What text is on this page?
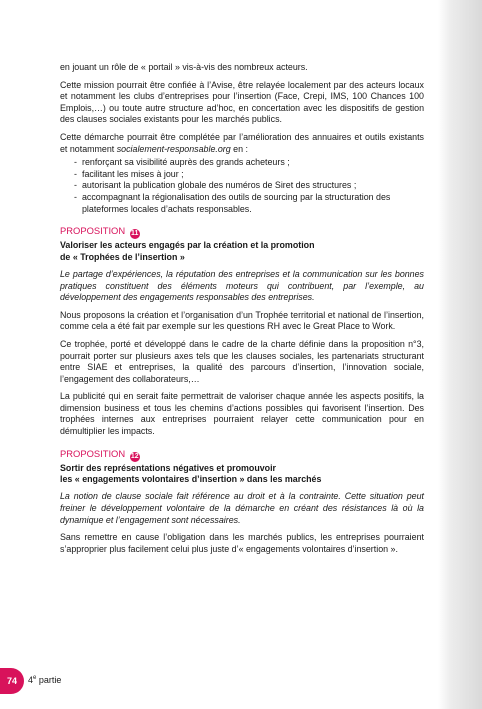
en jouant un rôle de « portail » vis-à-vis des nombreux acteurs.

Cette mission pourrait être confiée à l’Avise, être relayée localement par des acteurs locaux et notamment les clubs d’entreprises pour l’insertion (Face, Crepi, IMS, 100 Chances 100 Emplois,…) ou toute autre structure ad’hoc, en concertation avec les dispositifs de gestion des clauses sociales existants pour les marchés publics.

Cette démarche pourrait être complétée par l’amélioration des annuaires et outils existants et notamment socialement-responsable.org en :

- renforçant sa visibilité auprès des grands acheteurs ;
- facilitant les mises à jour ;
- autorisant la publication globale des numéros de Siret des structures ;
- accompagnant la régionalisation des outils de sourcing par la structuration des plateformes locales d’achats responsables.
PROPOSITION 11
Valoriser les acteurs engagés par la création et la promotion
de « Trophées de l’insertion »

Le partage d’expériences, la réputation des entreprises et la communication sur les bonnes pratiques constituent des éléments moteurs qui contribuent, par l’exemple, au développement des engagements responsables des entreprises.

Nous proposons la création et l’organisation d’un Trophée territorial et national de l’insertion, comme cela a été fait par exemple sur les questions RH avec le Great Place to Work.

Ce trophée, porté et développé dans le cadre de la charte définie dans la proposition n°3, pourrait porter sur plusieurs axes tels que les clauses sociales, les partenariats structurant entre SIAE et entreprises, la qualité des parcours d’insertion, l’innovation sociale, l’engagement des collaborateurs,…

La publicité qui en serait faite permettrait de valoriser chaque année les aspects positifs, la dimension business et tous les chemins d’actions possibles qui favorisent l’insertion. Des trophées internes aux entreprises pourraient relayer cette communication pour en démultiplier les impacts.

PROPOSITION 12
Sortir des représentations négatives et promouvoir
les « engagements volontaires d’insertion » dans les marchés

La notion de clause sociale fait référence au droit et à la contrainte. Cette situation peut freiner le développement volontaire de la démarche en créant des résistances là où la dynamique et l’engagement sont nécessaires.

Sans remettre en cause l’obligation dans les marchés publics, les entreprises pourraient s’approprier plus facilement celui plus juste d’« engagements volontaires d’insertion ».

74	4e partie
